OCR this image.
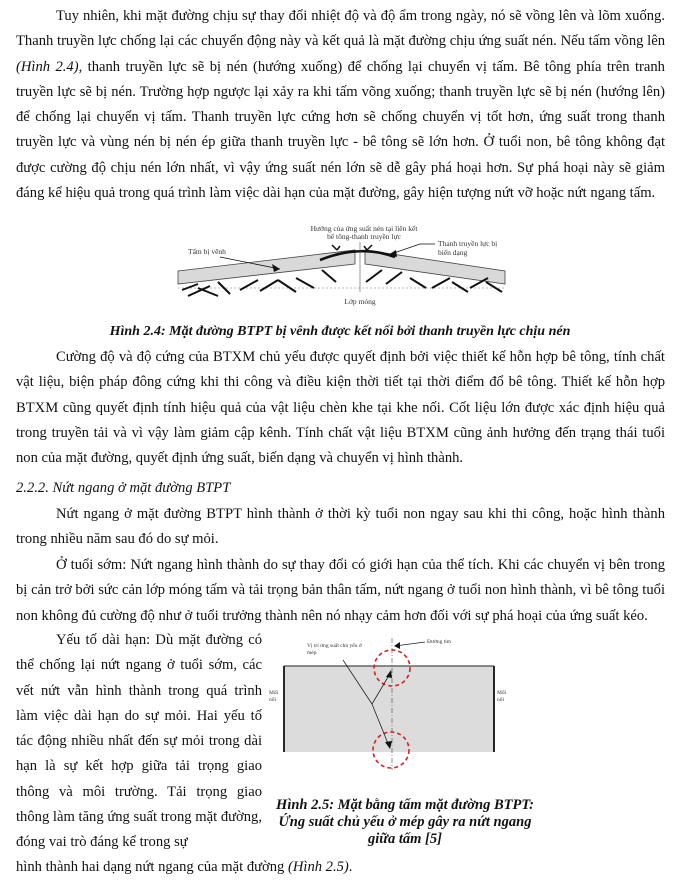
Tuy nhiên, khi mặt đường chịu sự thay đổi nhiệt độ và độ ẩm trong ngày, nó sẽ vồng lên và lõm xuống. Thanh truyền lực chống lại các chuyển động này và kết quả là mặt đường chịu ứng suất nén. Nếu tấm vồng lên (Hình 2.4), thanh truyền lực sẽ bị nén (hướng xuống) để chống lại chuyển vị tấm. Bê tông phía trên tranh truyền lực sẽ bị nén. Trường hợp ngược lại xảy ra khi tấm võng xuống; thanh truyền lực sẽ bị nén (hướng lên) để chống lại chuyển vị tấm. Thanh truyền lực cứng hơn sẽ chống chuyển vị tốt hơn, ứng suất trong thanh truyền lực và vùng nén bị nén ép giữa thanh truyền lực - bê tông sẽ lớn hơn. Ở tuổi non, bê tông không đạt được cường độ chịu nén lớn nhất, vì vậy ứng suất nén lớn sẽ dễ gây phá hoại hơn. Sự phá hoại này sẽ giảm đáng kể hiệu quả trong quá trình làm việc dài hạn của mặt đường, gây hiện tượng nứt vỡ hoặc nứt ngang tấm.
Hướng của ứng suất nén tại liên kết
bê tông-thanh truyền lực
Tấm bị vênh
Thanh truyền lực bị
biến dạng
Lớp móng
Hình 2.4: Mặt đường BTPT bị vênh được kết nối bởi thanh truyền lực chịu nén
Cường độ và độ cứng của BTXM chủ yếu được quyết định bởi việc thiết kế hỗn hợp bê tông, tính chất vật liệu, biện pháp đông cứng khi thi công và điều kiện thời tiết tại thời điểm đổ bê tông. Thiết kế hỗn hợp BTXM cũng quyết định tính hiệu quả của vật liệu chèn khe tại khe nối. Cốt liệu lớn được xác định hiệu quả trong truyền tải và vì vậy làm giảm cập kênh. Tính chất vật liệu BTXM cũng ảnh hưởng đến trạng thái tuổi non của mặt đường, quyết định ứng suất, biến dạng và chuyển vị hình thành.
2.2.2. Nứt ngang ở mặt đường BTPT
Nứt ngang ở mặt đường BTPT hình thành ở thời kỳ tuổi non ngay sau khi thi công, hoặc hình thành trong nhiều năm sau đó do sự mỏi.
Ở tuổi sớm: Nứt ngang hình thành do sự thay đổi có giới hạn của thể tích. Khi các chuyển vị bên trong bị cản trở bởi sức cản lớp móng tấm và tải trọng bản thân tấm, nứt ngang ở tuổi non hình thành, vì bê tông tuổi non không đủ cường độ như ở tuổi trưởng thành nên nó nhạy cảm hơn đối với sự phá hoại của ứng suất kéo.
Yếu tố dài hạn: Dù mặt đường có thể chống lại nứt ngang ở tuổi sớm, các vết nứt vẫn hình thành trong quá trình làm việc dài hạn do sự mỏi. Hai yếu tố tác động nhiều nhất đến sự mỏi trong dài hạn là sự kết hợp giữa tải trọng giao thông và môi trường. Tải trọng giao thông làm tăng ứng suất trong mặt đường, đóng vai trò đáng kể trong sự
hình thành hai dạng nứt ngang của mặt đường (Hình 2.5).
Vị trí ứng suất chủ yếu ở
mép
Đường tim
Mối
nối
Mối
nối
Hình 2.5: Mặt bằng tấm mặt đường BTPT:
Ứng suất chủ yếu ở mép gây ra nứt ngang
giữa tấm [5]
